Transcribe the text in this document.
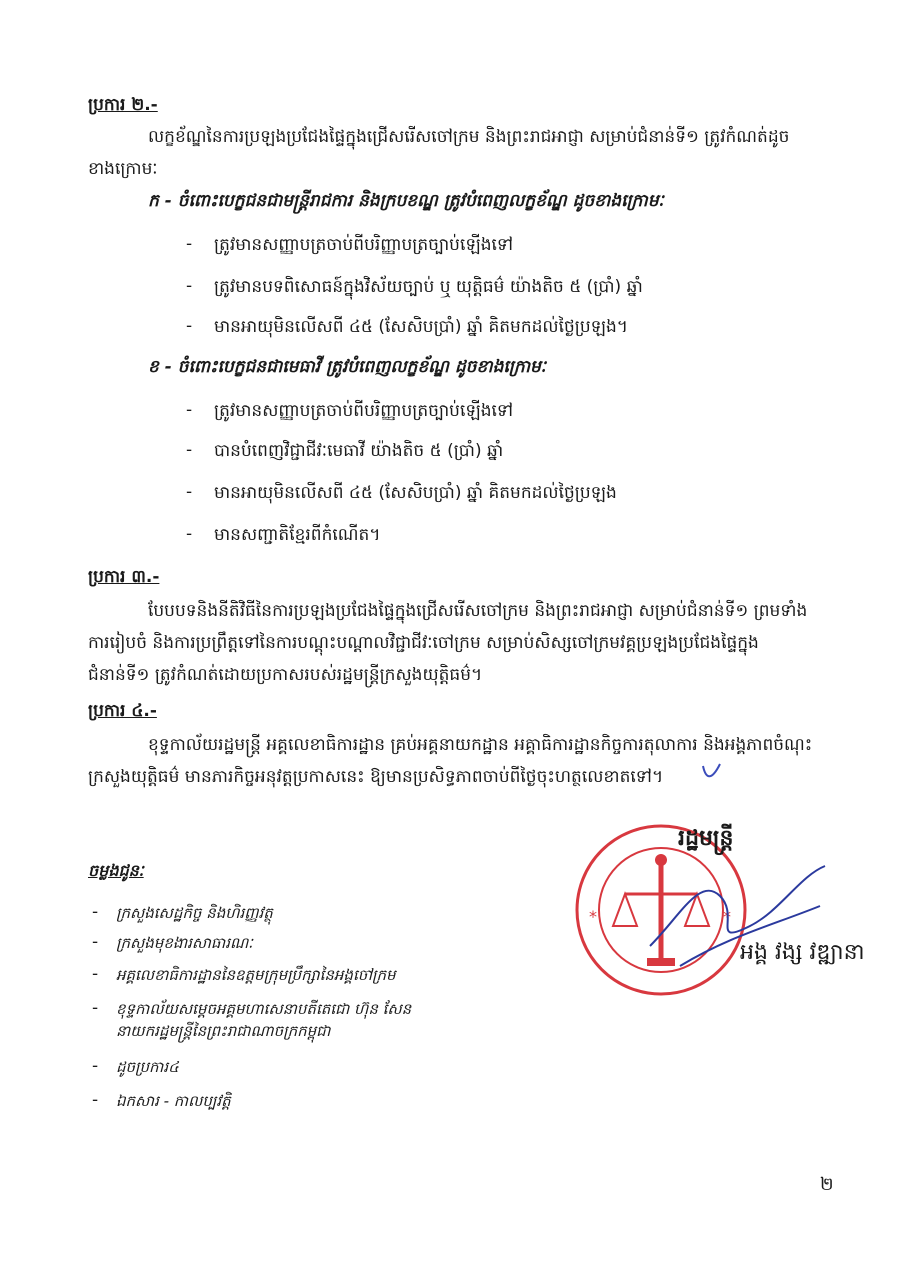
ប្រការ ២.-
លក្ខខ័ណ្ឌនៃការប្រឡងប្រជែងផ្ទៃក្នុងជ្រើសរើសចៅក្រម និងព្រះរាជអាជ្ញា សម្រាប់ជំនាន់ទី១ ត្រូវកំណត់ដូច
ខាងក្រោមៈ
ក - ចំពោះបេក្ខជនជាមន្ត្រីរាជការ និងក្របខណ្ឌ ត្រូវបំពេញលក្ខខ័ណ្ឌ ដូចខាងក្រោមៈ
- ត្រូវមានសញ្ញាបត្រចាប់ពីបរិញ្ញាបត្រច្បាប់ឡើងទៅ
- ត្រូវមានបទពិសោធន៍ក្នុងវិស័យច្បាប់ ឬ យុត្តិធម៌ យ៉ាងតិច ៥ (ប្រាំ) ឆ្នាំ
- មានអាយុមិនលើសពី ៤៥ (សែសិបប្រាំ) ឆ្នាំ គិតមកដល់ថ្ងៃប្រឡង។
ខ - ចំពោះបេក្ខជនជាមេធាវី ត្រូវបំពេញលក្ខខ័ណ្ឌ ដូចខាងក្រោមៈ
- ត្រូវមានសញ្ញាបត្រចាប់ពីបរិញ្ញាបត្រច្បាប់ឡើងទៅ
- បានបំពេញវិជ្ជាជីវៈមេធាវី យ៉ាងតិច ៥ (ប្រាំ) ឆ្នាំ
- មានអាយុមិនលើសពី ៤៥ (សែសិបប្រាំ) ឆ្នាំ គិតមកដល់ថ្ងៃប្រឡង
- មានសញ្ជាតិខ្មែរពីកំណើត។
ប្រការ ៣.-
បែបបទនិងនីតិវិធីនៃការប្រឡងប្រជែងផ្ទៃក្នុងជ្រើសរើសចៅក្រម និងព្រះរាជអាជ្ញា សម្រាប់ជំនាន់ទី១ ព្រមទាំង
ការរៀបចំ និងការប្រព្រឹត្តទៅនៃការបណ្តុះបណ្តាលវិជ្ជាជីវៈចៅក្រម សម្រាប់សិស្សចៅក្រមវគ្គប្រឡងប្រជែងផ្ទៃក្នុង
ជំនាន់ទី១ ត្រូវកំណត់ដោយប្រកាសរបស់រដ្ឋមន្ត្រីក្រសួងយុត្តិធម៌។
ប្រការ ៤.-
ខុទ្ទកាល័យរដ្ឋមន្ត្រី អគ្គលេខាធិការដ្ឋាន គ្រប់អគ្គនាយកដ្ឋាន អគ្គាធិការដ្ឋានកិច្ចការតុលាការ និងអង្គភាពចំណុះ
ក្រសួងយុត្តិធម៌ មានភារកិច្ចអនុវត្តប្រកាសនេះ ឱ្យមានប្រសិទ្ធភាពចាប់ពីថ្ងៃចុះហត្ថលេខាតទៅ។
*	*
រដ្ឋមន្ត្រី
អង្គ វង្ស វឌ្ឍានា
ចម្លងជូនៈ
- ក្រសួងសេដ្ឋកិច្ច និងហិរញ្ញវត្ថុ
- ក្រសួងមុខងារសាធារណៈ
- អគ្គលេខាធិការដ្ឋាននៃឧត្តមក្រុមប្រឹក្សានៃអង្គចៅក្រម
- ខុទ្ទកាល័យសម្តេចអគ្គមហាសេនាបតីតេជោ ហ៊ុន សែន
នាយករដ្ឋមន្ត្រីនៃព្រះរាជាណាចក្រកម្ពុជា
- ដូចប្រការ៤
- ឯកសារ - កាលប្បវត្តិ
២
